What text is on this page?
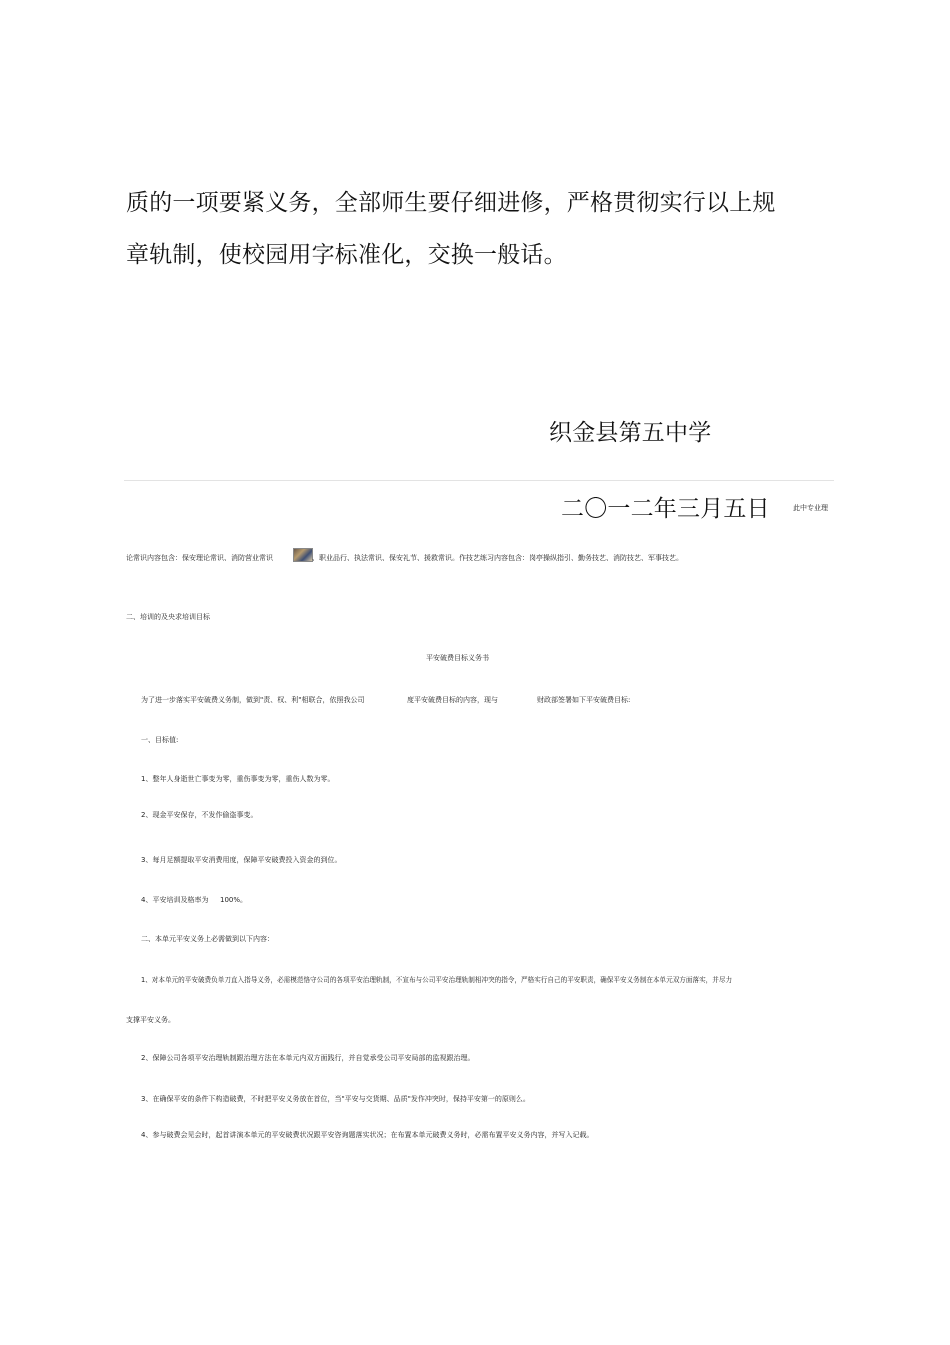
质的一项要紧义务，全部师生要仔细进修，严格贯彻实行以上规
章轨制，使校园用字标准化，交换一般话。
织金县第五中学
二〇一二年三月五日	此中专业理
论常识内容包含：保安理论常识、消防营业常识	、职业品行、执法常识、保安礼节、援救常识。作技艺练习内容包含：岗亭操纵指引、勤务技艺、消防技艺、军事技艺。
二、培训的及央求培训目标
平安破费目标义务书
为了进一步落实平安破费义务制，做到"责、权、利"相联合，依照我公司	度平安破费目标的内容，现与	财政部签署如下平安破费目标:
一、目标值:
1、整年人身逝世亡事变为零，重伤事变为零，重伤人数为零。
2、现金平安保存，不发作偷盗事变。
3、每月足额提取平安消费用度，保障平安破费投入资金的到位。
4、平安培训及格率为 100%。
二、本单元平安义务上必需做到以下内容：
1、对本单元的平安破费负单刀直入指导义务，必需模范恪守公司的各项平安治理轨制，不宣布与公司平安治理轨制相冲突的指令，严格实行自己的平安职责，确保平安义务制在本单元双方面落实，并尽力
支撑平安义务。
2、保障公司各项平安治理轨制跟治理方法在本单元内双方面践行，并自觉承受公司平安局部的监视跟治理。
3、在确保平安的条件下构造破费，不时把平安义务放在首位，当"平安与交货期、品质"发作冲突时，保持平安第一的原则么。
4、参与破费会见会时，起首讲演本单元的平安破费状况跟平安咨询题落实状况；在布置本单元破费义务时，必需布置平安义务内容，并写入记载。
